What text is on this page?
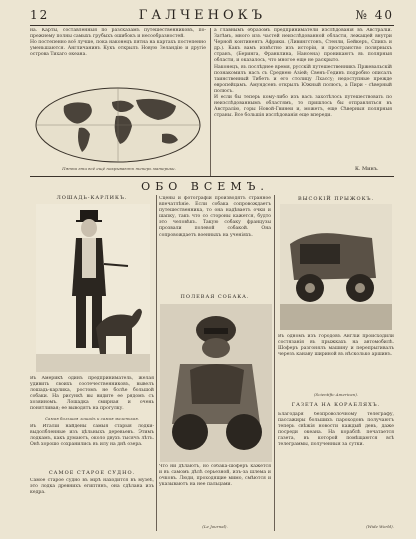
12	ГАЛЧЕНОКЪ	№ 40
на. Карты, составленныя по разсказамъ путешественниковъ, по-прежнему полны самыхъ грубыхъ ошибокъ и несообразностей.
Но постепенно всё лучше, пока наконецъ пятна на картахъ постепенно уменьшаются. Англичанинъ Кукъ открылъ Новую Зеландію и другіе острова Тихаго океана.
Пятна эти всё ещё покрываютъ теперь материки.
а главнымъ образомъ предприниматели изслѣдованія въ Австраліи. Затѣмъ, много изъ частей неизслѣдованной области, лежащей внутри Черной континентъ Африки. (Ливингстонъ, Стенли, Бейкеръ, Спикъ и др.). Какъ вамъ извѣстно изъ исторіи, и пространство полярныхъ странъ, (Беринга, Франклина, Нансена) проникаютъ въ полярныя области, и оказалось, что многое еще не раскрыто.
Наконецъ, въ послѣднее время, русскій путешественникъ Пржевальскій познакомилъ насъ съ Среднею Азіей; Свенъ-Гединъ подробно описалъ таинственный Тибетъ и его столицу Лхассу; недоступные прежде европейцамъ. Амундсенъ открылъ Южный полюсъ, а Пири - сѣверный полюсъ.
И если бы теперь кому-либо изъ васъ захотѣлось путешествовать по неизслѣдованнымъ областямъ, то пришлось бы отправляться въ Австралію, горы Новой-Гвинеи и, можетъ, еще Сѣверныя полярныя страны. Все большія изслѣдованія еще впереди.
К. Минъ.
ОБО ВСЕМЪ.
ЛОШАДЬ-КАРЛИКЪ.
Въ Америкѣ одинъ предприниматель, желая удивить своихъ соотечественниковъ, вывелъ лошадь-карлика, ростомъ не болѣе большой собаки. На рисункѣ вы видите ее рядомъ съ хозяиномъ. Лошадка смирная и очень понятливая; ее выводятъ на прогулку.
Самая большая лошадь и самая маленькая.
Въ Италіи найдены самыя старыя лодки-выдолбленные изъ цѣльныхъ деревьевъ. Этимъ лодкамъ, какъ думаютъ, около двухъ тысячъ лѣтъ. Онѣ хорошо сохранились въ илу на днѣ озера.
САМОЕ СТАРОЕ СУДНО.
Самое старое судно въ мірѣ находится въ музеѣ, это лодка древнихъ египтянъ, она сдѣлана изъ кедра.
Сцены и фотографіи производятъ странное впечатлѣніе. Если собака сопровождаетъ путешественника, то она надѣваетъ очки и шапку, такъ что со стороны кажется, будто это человѣкъ. Такую собаку французы прозвали полевой собакой. Она сопровождаетъ военныхъ на ученіяхъ.
ПОЛЕВАЯ СОБАКА.
Что ни дѣлаютъ, но собака-шоферъ кажется и въ самомъ дѣлѣ серьезной, изъ-за шлема и очковъ. Люди, проходящие мимо, смѣются и указываютъ на нее пальцами.
(Le Journal).
ВЫСОКІЙ ПРЫЖОКЪ.
Въ одномъ изъ городовъ Англіи происходили состязанія въ прыжкахъ на автомобилѣ. Шоферъ разгонялъ машину и перепрыгивалъ черезъ канаву шириной въ нѣсколько аршинъ.
(Scientific American).
ГАЗЕТА НА КОРАБЛЯХЪ.
Благодаря безпроволочному телеграфу, пассажиры большихъ пароходовъ получаютъ теперь свѣжія новости каждый день, даже посреди океана. На кораблѣ печатается газета, въ которой помѣщаются всѣ телеграммы, полученныя за сутки.
(Wide World).
